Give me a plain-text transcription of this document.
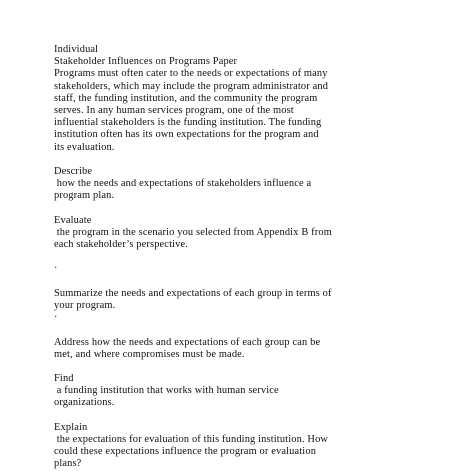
Individual
Stakeholder Influences on Programs Paper
Programs must often cater to the needs or expectations of many
stakeholders, which may include the program administrator and
staff, the funding institution, and the community the program
serves. In any human services program, one of the most
influential stakeholders is the funding institution. The funding
institution often has its own expectations for the program and
its evaluation.
Describe
how the needs and expectations of stakeholders influence a
program plan.
Evaluate
the program in the scenario you selected from Appendix B from
each stakeholder’s perspective.
·
Summarize the needs and expectations of each group in terms of
your program.
·
Address how the needs and expectations of each group can be
met, and where compromises must be made.
Find
a funding institution that works with human service
organizations.
Explain
the expectations for evaluation of this funding institution. How
could these expectations influence the program or evaluation
plans?
